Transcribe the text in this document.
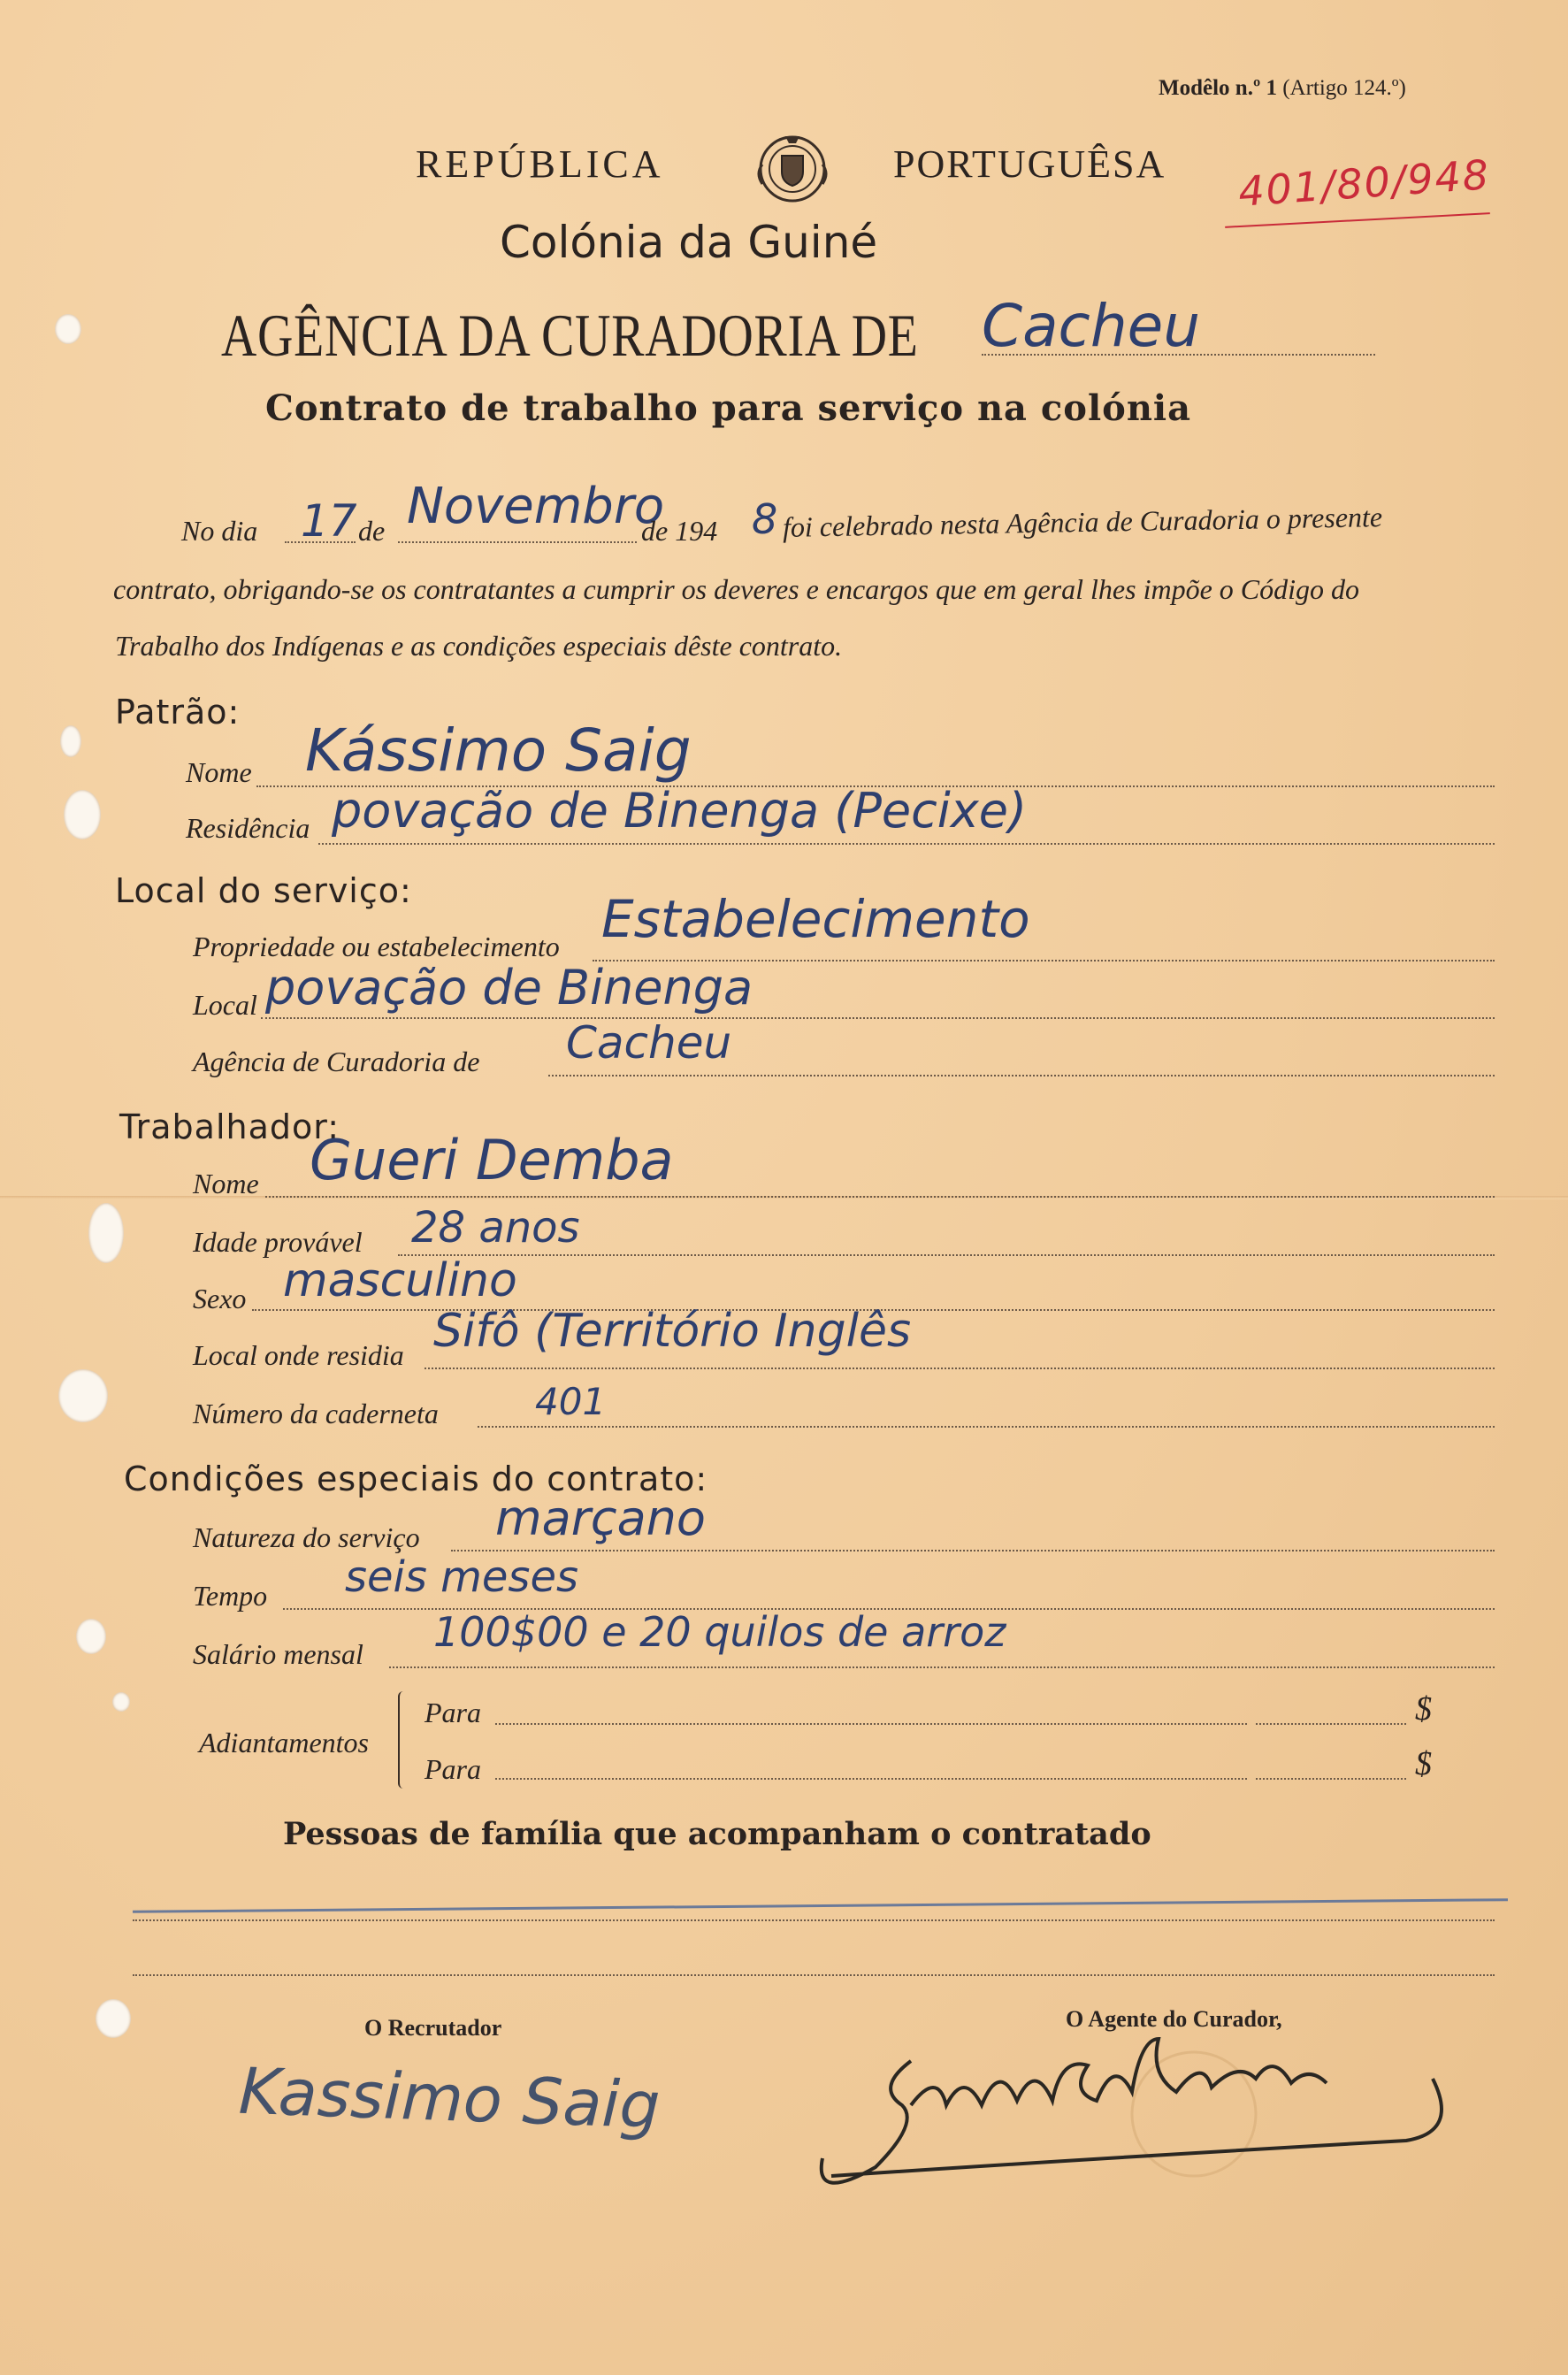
Modêlo n.º 1 (Artigo 124.º)
401/80/948
REPÚBLICA	PORTUGUÊSA
Colónia da Guiné
AGÊNCIA DA CURADORIA DE Cacheu
Contrato de trabalho para serviço na colónia
No dia 17 de Novembro
de 194 8 foi celebrado nesta Agência de Curadoria o presente
contrato, obrigando-se os contratantes a cumprir os deveres e encargos que em geral lhes impõe o Código do
Trabalho dos Indígenas e as condições especiais dêste contrato.
Patrão:
Nome Kássimo Saig
Residência povação de Binenga (Pecixe)
Local do serviço:
Propriedade ou estabelecimento Estabelecimento
Local povação de Binenga
Agência de Curadoria de Cacheu
Trabalhador:
Nome Gueri Demba
Idade provável 28 anos
Sexo masculino
Local onde residia Sifô (Território Inglês
Número da caderneta	401
Condições especiais do contrato:
Natureza do serviço marçano
Tempo seis meses
Salário mensal 100$00 e 20 quilos de arroz
Adiantamentos
Para	$
Para	$
Pessoas de família que acompanham o contratado
O Recrutador	O Agente do Curador,
Kassimo Saig
